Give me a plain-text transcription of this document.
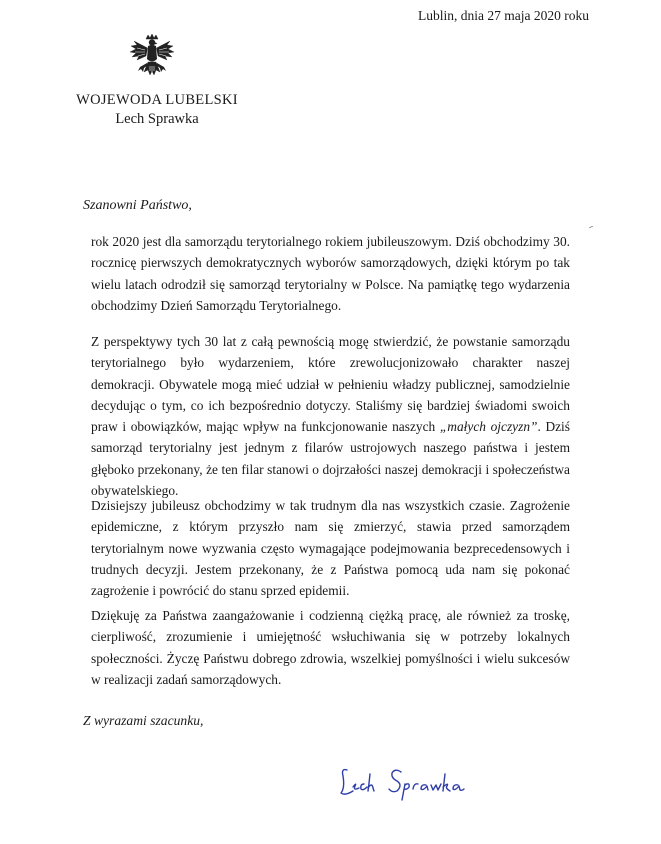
Lublin, dnia 27 maja 2020 roku
WOJEWODA LUBELSKI
Lech Sprawka
Szanowni Państwo,

rok 2020 jest dla samorządu terytorialnego rokiem jubileuszowym. Dziś obchodzimy 30. rocznicę pierwszych demokratycznych wyborów samorządowych, dzięki którym po tak wielu latach odrodził się samorząd terytorialny w Polsce. Na pamiątkę tego wydarzenia obchodzimy Dzień Samorządu Terytorialnego.

Z perspektywy tych 30 lat z całą pewnością mogę stwierdzić, że powstanie samorządu terytorialnego było wydarzeniem, które zrewolucjonizowało charakter naszej demokracji. Obywatele mogą mieć udział w pełnieniu władzy publicznej, samodzielnie decydując o tym, co ich bezpośrednio dotyczy. Staliśmy się bardziej świadomi swoich praw i obowiązków, mając wpływ na funkcjonowanie naszych „małych ojczyzn”. Dziś samorząd terytorialny jest jednym z filarów ustrojowych naszego państwa i jestem głęboko przekonany, że ten filar stanowi o dojrzałości naszej demokracji i społeczeństwa obywatelskiego.

Dzisiejszy jubileusz obchodzimy w tak trudnym dla nas wszystkich czasie. Zagrożenie epidemiczne, z którym przyszło nam się zmierzyć, stawia przed samorządem terytorialnym nowe wyzwania często wymagające podejmowania bezprecedensowych i trudnych decyzji. Jestem przekonany, że z Państwa pomocą uda nam się pokonać zagrożenie i powrócić do stanu sprzed epidemii.

Dziękuję za Państwa zaangażowanie i codzienną ciężką pracę, ale również za troskę, cierpliwość, zrozumienie i umiejętność wsłuchiwania się w potrzeby lokalnych społeczności. Życzę Państwu dobrego zdrowia, wszelkiej pomyślności i wielu sukcesów w realizacji zadań samorządowych.

Z wyrazami szacunku,
